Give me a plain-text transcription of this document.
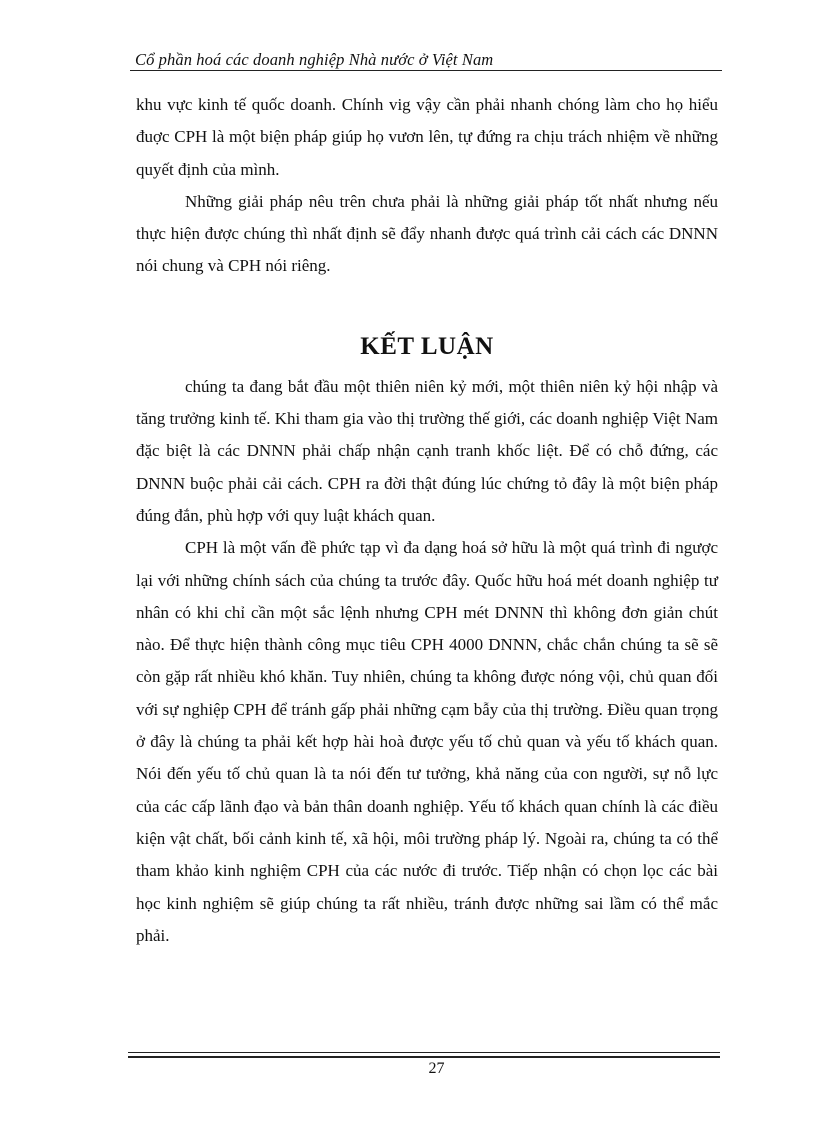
Cổ phần hoá các doanh nghiệp Nhà nước ở Việt Nam

khu vực kinh tế quốc doanh. Chính vig vậy cần phải nhanh chóng làm cho họ hiểu đuợc CPH là một biện pháp giúp họ vươn lên, tự đứng ra chịu trách nhiệm về những quyết định của mình.

Những giải pháp nêu trên chưa phải là những giải pháp tốt nhất nhưng nếu thực hiện được chúng thì nhất định sẽ đẩy nhanh được quá trình cải cách các DNNN nói chung và CPH nói riêng.

KẾT LUẬN

chúng ta đang bắt đầu một thiên niên kỷ mới, một thiên niên kỷ hội nhập và tăng trưởng kinh tế. Khi tham gia vào thị trường thế giới, các doanh nghiệp Việt Nam đặc biệt là các DNNN phải chấp nhận cạnh tranh khốc liệt. Để có chỗ đứng, các DNNN buộc phải cải cách. CPH ra đời thật đúng lúc chứng tỏ đây là một biện pháp đúng đắn, phù hợp với quy luật khách quan.

CPH là một vấn đề phức tạp vì đa dạng hoá sở hữu là một quá trình đi ngược lại với những chính sách của chúng ta trước đây. Quốc hữu hoá mét doanh nghiệp tư nhân có khi chỉ cần một sắc lệnh nhưng CPH mét DNNN thì không đơn giản chút nào. Để thực hiện thành công mục tiêu CPH 4000 DNNN, chắc chắn chúng ta sẽ sẽ còn gặp rất nhiều khó khăn. Tuy nhiên, chúng ta không được nóng vội, chủ quan đối với sự nghiệp CPH để tránh gấp phải những cạm bẫy của thị trường. Điều quan trọng ở đây là chúng ta phải kết hợp hài hoà được yếu tố chủ quan và yếu tố khách quan. Nói đến yếu tố chủ quan là ta nói đến tư tưởng, khả năng của con người, sự nỗ lực của các cấp lãnh đạo và bản thân doanh nghiệp. Yếu tố khách quan chính là các điều kiện vật chất, bối cảnh kinh tế, xã hội, môi trường pháp lý. Ngoài ra, chúng ta có thể tham khảo kinh nghiệm CPH của các nước đi trước. Tiếp nhận có chọn lọc các bài học kinh nghiệm sẽ giúp chúng ta rất nhiều, tránh được những sai lầm có thể mắc phải.

27
